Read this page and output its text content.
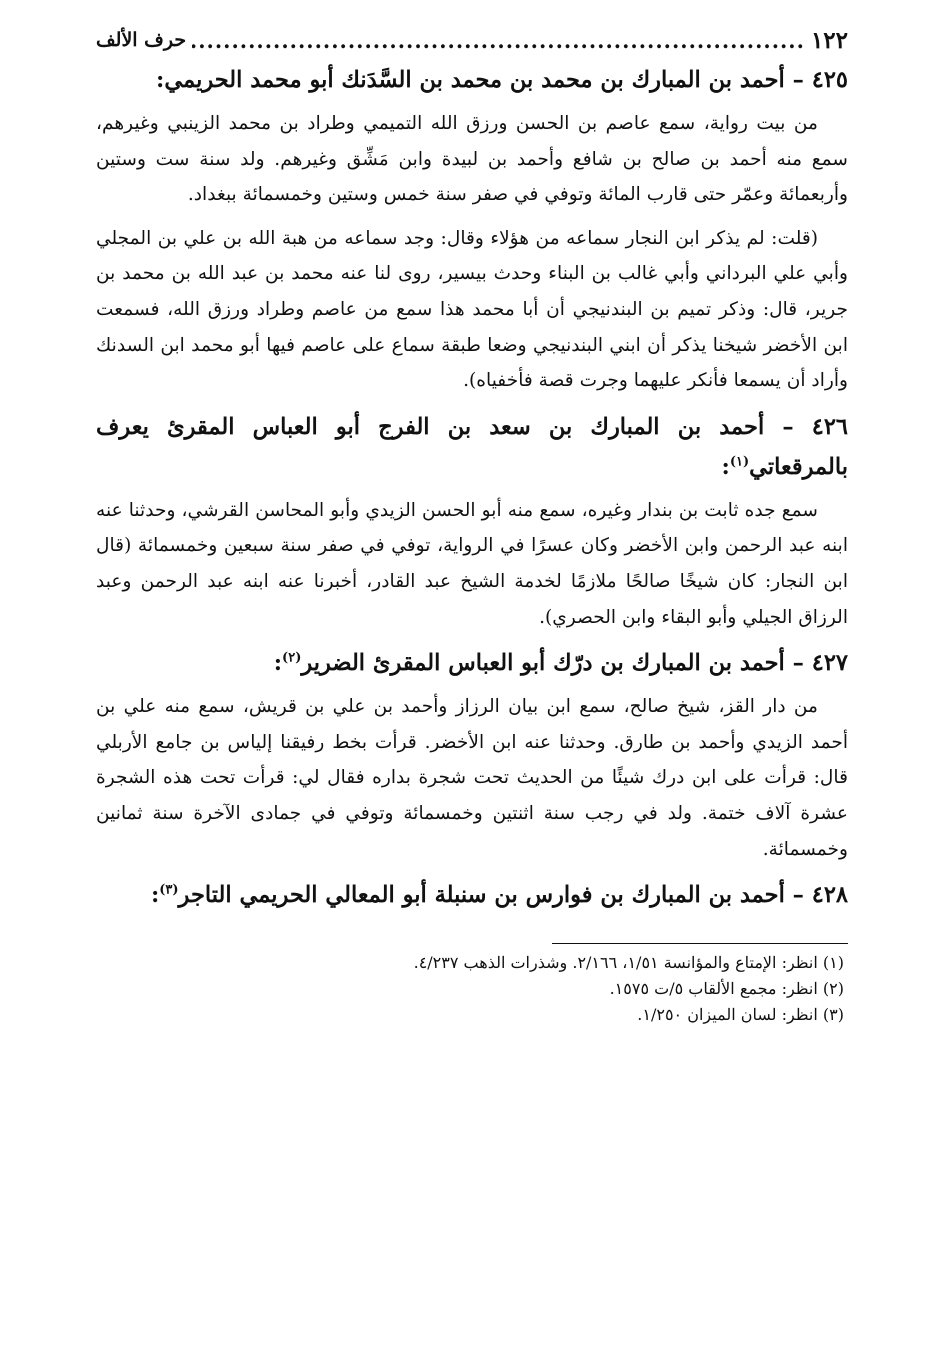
١٢٢
.....
حرف الألف
٤٢٥ – أحمد بن المبارك بن محمد بن محمد بن السَّدَنك أبو محمد الحريمي:

من بيت رواية، سمع عاصم بن الحسن ورزق الله التميمي وطراد بن محمد الزينبي وغيرهم، سمع منه أحمد بن صالح بن شافع وأحمد بن لبيدة وابن مَشِّق وغيرهم. ولد سنة ست وستين وأربعمائة وعمّر حتى قارب المائة وتوفي في صفر سنة خمس وستين وخمسمائة ببغداد.

(قلت: لم يذكر ابن النجار سماعه من هؤلاء وقال: وجد سماعه من هبة الله بن علي بن المجلي وأبي علي البرداني وأبي غالب بن البناء وحدث بيسير، روى لنا عنه محمد بن عبد الله بن محمد بن جرير، قال: وذكر تميم بن البندنيجي أن أبا محمد هذا سمع من عاصم وطراد ورزق الله، فسمعت ابن الأخضر شيخنا يذكر أن ابني البندنيجي وضعا طبقة سماع على عاصم فيها أبو محمد ابن السدنك وأراد أن يسمعا فأنكر عليهما وجرت قصة فأخفياه).

٤٢٦ – أحمد بن المبارك بن سعد بن الفرج أبو العباس المقرئ يعرف بالمرقعاتي$^{(١)}$:

سمع جده ثابت بن بندار وغيره، سمع منه أبو الحسن الزيدي وأبو المحاسن القرشي، وحدثنا عنه ابنه عبد الرحمن وابن الأخضر وكان عسرًا في الرواية، توفي في صفر سنة سبعين وخمسمائة (قال ابن النجار: كان شيخًا صالحًا ملازمًا لخدمة الشيخ عبد القادر، أخبرنا عنه ابنه عبد الرحمن وعبد الرزاق الجيلي وأبو البقاء وابن الحصري).

٤٢٧ – أحمد بن المبارك بن درّك أبو العباس المقرئ الضرير$^{(٢)}$:

من دار القز، شيخ صالح، سمع ابن بيان الرزاز وأحمد بن علي بن قريش، سمع منه علي بن أحمد الزيدي وأحمد بن طارق. وحدثنا عنه ابن الأخضر. قرأت بخط رفيقنا إلياس بن جامع الأربلي قال: قرأت على ابن درك شيئًا من الحديث تحت شجرة بداره فقال لي: قرأت تحت هذه الشجرة عشرة آلاف ختمة. ولد في رجب سنة اثنتين وخمسمائة وتوفي في جمادى الآخرة سنة ثمانين وخمسمائة.

٤٢٨ – أحمد بن المبارك بن فوارس بن سنبلة أبو المعالي الحريمي التاجر$^{(٣)}$:

(١) انظر: الإمتاع والمؤانسة ١/٥١، ٢/١٦٦. وشذرات الذهب ٤/٢٣٧.

(٢) انظر: مجمع الألقاب ٥/ت ١٥٧٥.

(٣) انظر: لسان الميزان ١/٢٥٠.
